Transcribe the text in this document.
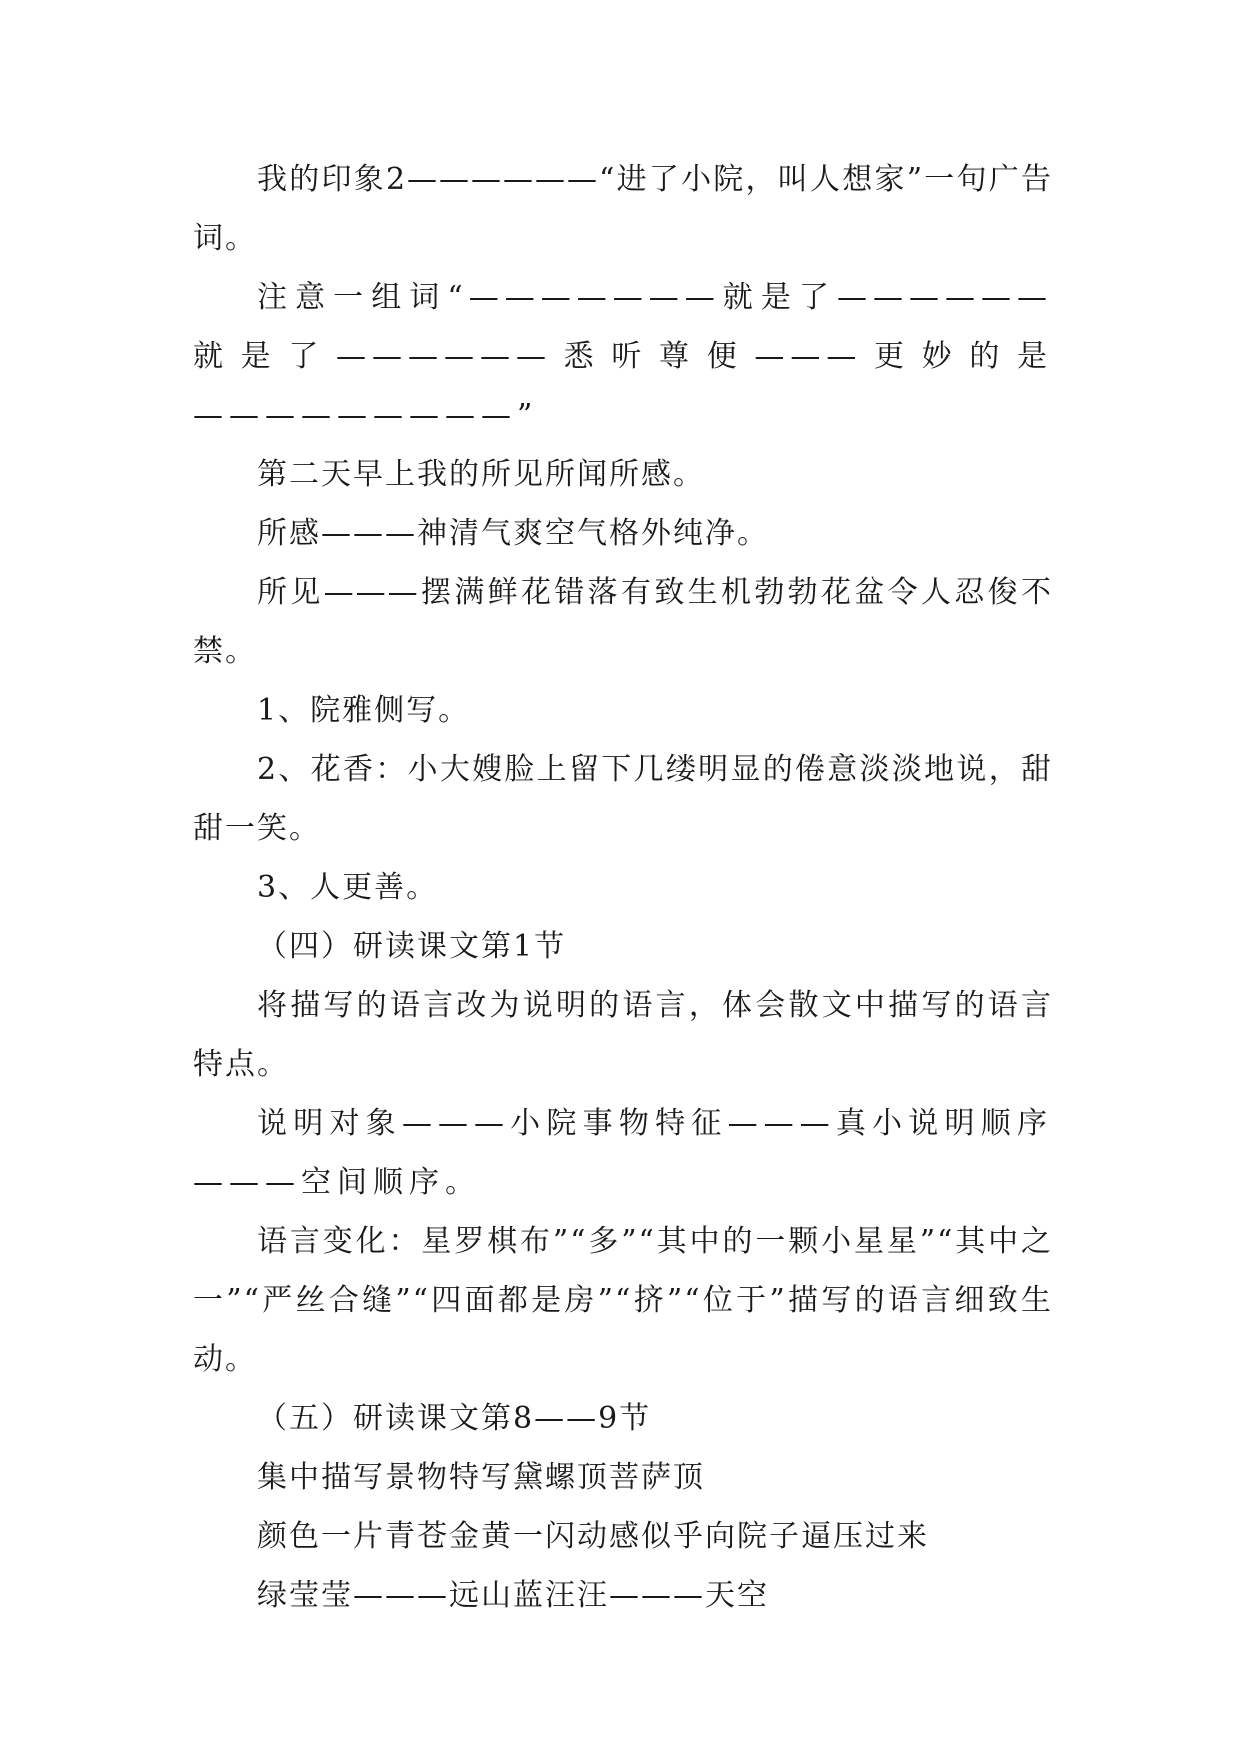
我的印象2——————“进了小院，叫人想家”一句广告词。

注意一组词“———————就是了——————就是了——————悉听尊便———更妙的是—————————”

第二天早上我的所见所闻所感。

所感———神清气爽空气格外纯净。

所见———摆满鲜花错落有致生机勃勃花盆令人忍俊不禁。

1、院雅侧写。

2、花香：小大嫂脸上留下几缕明显的倦意淡淡地说，甜甜一笑。

3、人更善。

（四）研读课文第1节

将描写的语言改为说明的语言，体会散文中描写的语言特点。

说明对象———小院事物特征———真小说明顺序———空间顺序。

语言变化：星罗棋布”“多”“其中的一颗小星星”“其中之一”“严丝合缝”“四面都是房”“挤”“位于”描写的语言细致生动。

（五）研读课文第8——9节

集中描写景物特写黛螺顶菩萨顶

颜色一片青苍金黄一闪动感似乎向院子逼压过来

绿莹莹———远山蓝汪汪———天空
